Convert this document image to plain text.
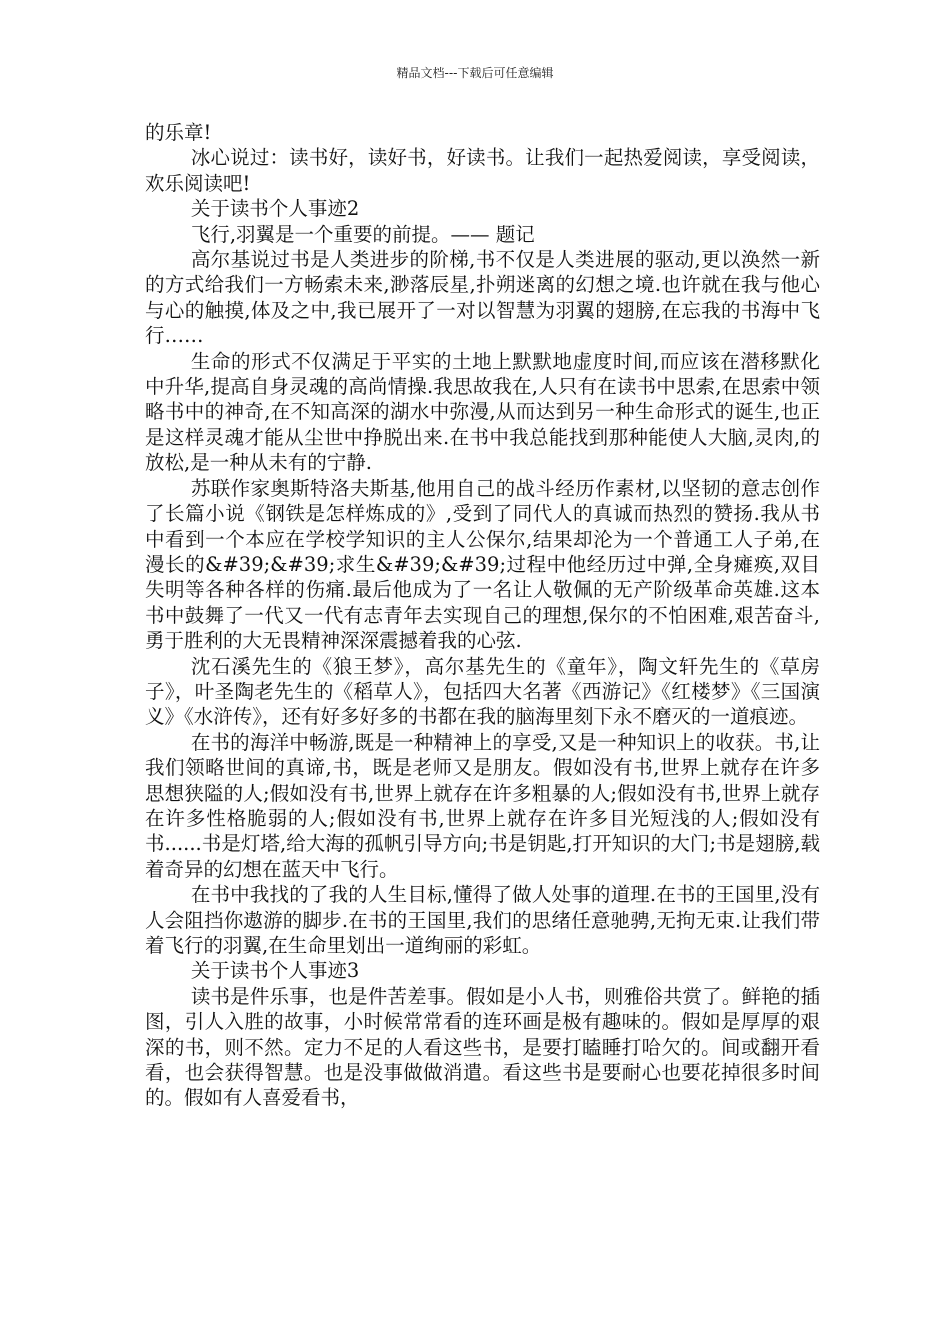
精品文档---下载后可任意编辑

的乐章!

冰心说过：读书好，读好书，好读书。让我们一起热爱阅读，享受阅读，欢乐阅读吧!

关于读书个人事迹2

飞行,羽翼是一个重要的前提。—— 题记

高尔基说过书是人类进步的阶梯,书不仅是人类进展的驱动,更以涣然一新的方式给我们一方畅索未来,渺落辰星,扑朔迷离的幻想之境.也许就在我与他心与心的触摸,体及之中,我已展开了一对以智慧为羽翼的翅膀,在忘我的书海中飞行……

生命的形式不仅满足于平实的土地上默默地虚度时间,而应该在潜移默化中升华,提高自身灵魂的高尚情操.我思故我在,人只有在读书中思索,在思索中领略书中的神奇,在不知高深的湖水中弥漫,从而达到另一种生命形式的诞生,也正是这样灵魂才能从尘世中挣脱出来.在书中我总能找到那种能使人大脑,灵肉,的放松,是一种从未有的宁静.

苏联作家奥斯特洛夫斯基,他用自己的战斗经历作素材,以坚韧的意志创作了长篇小说《钢铁是怎样炼成的》,受到了同代人的真诚而热烈的赞扬.我从书中看到一个本应在学校学知识的主人公保尔,结果却沦为一个普通工人子弟,在漫长的&#39;&#39;求生&#39;&#39;过程中他经历过中弹,全身瘫痪,双目失明等各种各样的伤痛.最后他成为了一名让人敬佩的无产阶级革命英雄.这本书中鼓舞了一代又一代有志青年去实现自己的理想,保尔的不怕困难,艰苦奋斗,勇于胜利的大无畏精神深深震撼着我的心弦.

沈石溪先生的《狼王梦》，高尔基先生的《童年》，陶文轩先生的《草房子》，叶圣陶老先生的《稻草人》，包括四大名著《西游记》《红楼梦》《三国演义》《水浒传》，还有好多好多的书都在我的脑海里刻下永不磨灭的一道痕迹。

在书的海洋中畅游,既是一种精神上的享受,又是一种知识上的收获。书,让我们领略世间的真谛,书，既是老师又是朋友。假如没有书,世界上就存在许多思想狭隘的人;假如没有书,世界上就存在许多粗暴的人;假如没有书,世界上就存在许多性格脆弱的人;假如没有书,世界上就存在许多目光短浅的人;假如没有书......书是灯塔,给大海的孤帆引导方向;书是钥匙,打开知识的大门;书是翅膀,载着奇异的幻想在蓝天中飞行。

在书中我找的了我的人生目标,懂得了做人处事的道理.在书的王国里,没有人会阻挡你遨游的脚步.在书的王国里,我们的思绪任意驰骋,无拘无束.让我们带着飞行的羽翼,在生命里划出一道绚丽的彩虹。

关于读书个人事迹3

读书是件乐事，也是件苦差事。假如是小人书，则雅俗共赏了。鲜艳的插图，引人入胜的故事，小时候常常看的连环画是极有趣味的。假如是厚厚的艰深的书，则不然。定力不足的人看这些书，是要打瞌睡打哈欠的。间或翻开看看，也会获得智慧。也是没事做做消遣。看这些书是要耐心也要花掉很多时间的。假如有人喜爱看书，
